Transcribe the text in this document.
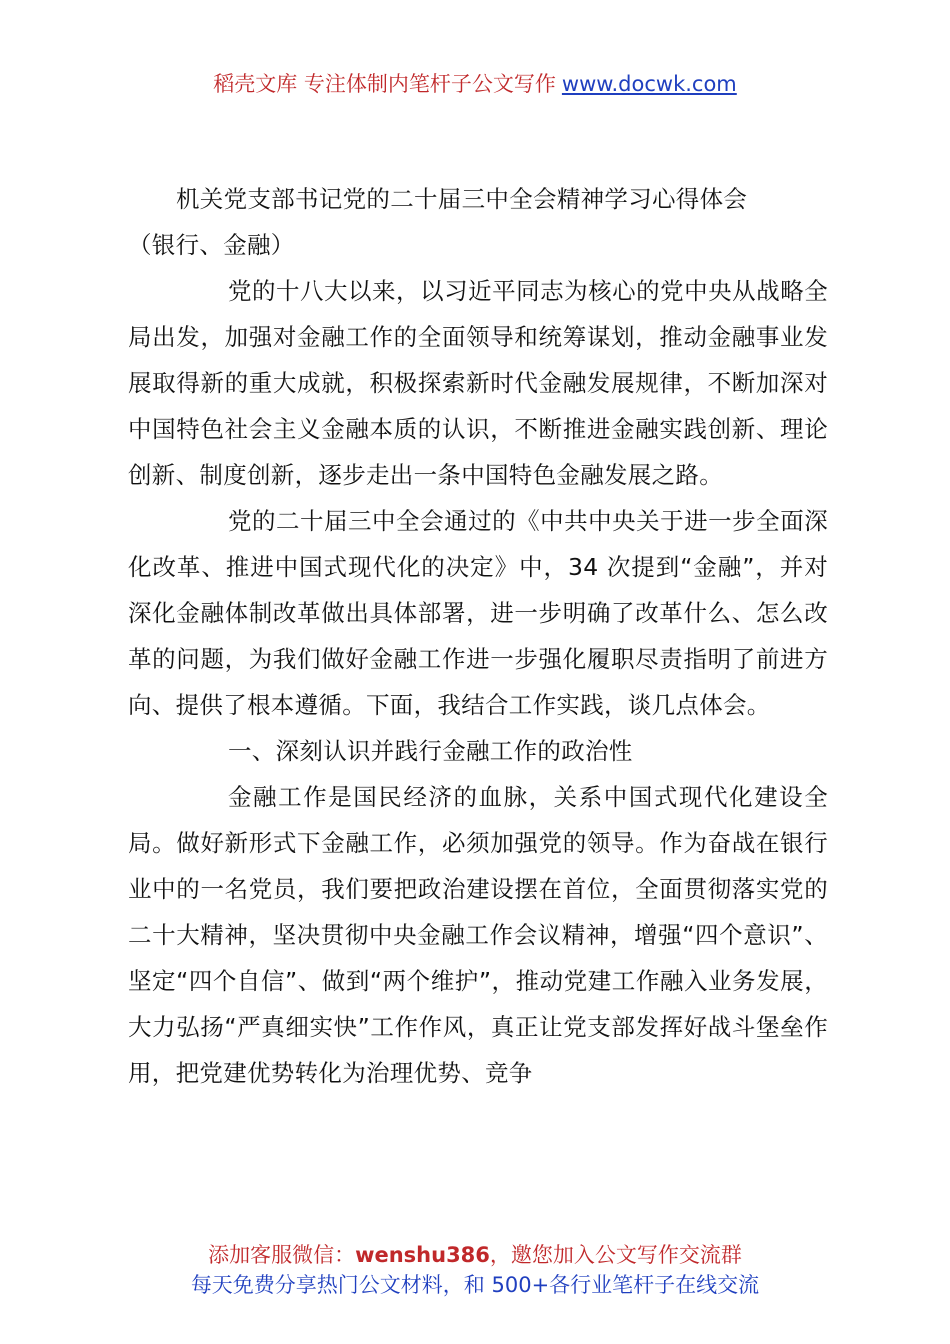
稻壳文库 专注体制内笔杆子公文写作 www.docwk.com

机关党支部书记党的二十届三中全会精神学习心得体会

（银行、金融）

党的十八大以来，以习近平同志为核心的党中央从战略全局出发，加强对金融工作的全面领导和统筹谋划，推动金融事业发展取得新的重大成就，积极探索新时代金融发展规律，不断加深对中国特色社会主义金融本质的认识，不断推进金融实践创新、理论创新、制度创新，逐步走出一条中国特色金融发展之路。

党的二十届三中全会通过的《中共中央关于进一步全面深化改革、推进中国式现代化的决定》中，34 次提到“金融”，并对深化金融体制改革做出具体部署，进一步明确了改革什么、怎么改革的问题，为我们做好金融工作进一步强化履职尽责指明了前进方向、提供了根本遵循。下面，我结合工作实践，谈几点体会。

一、深刻认识并践行金融工作的政治性

金融工作是国民经济的血脉，关系中国式现代化建设全局。做好新形式下金融工作，必须加强党的领导。作为奋战在银行业中的一名党员，我们要把政治建设摆在首位，全面贯彻落实党的二十大精神，坚决贯彻中央金融工作会议精神，增强“四个意识”、坚定“四个自信”、做到“两个维护”，推动党建工作融入业务发展，大力弘扬“严真细实快”工作作风，真正让党支部发挥好战斗堡垒作用，把党建优势转化为治理优势、竞争

添加客服微信：wenshu386，邀您加入公文写作交流群
每天免费分享热门公文材料，和 500+各行业笔杆子在线交流
